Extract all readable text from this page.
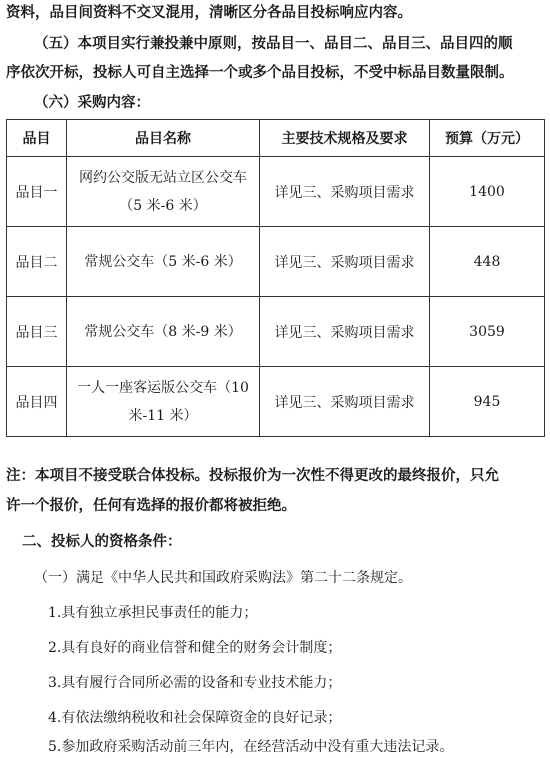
资料，品目间资料不交叉混用，清晰区分各品目投标响应内容。
（五）本项目实行兼投兼中原则，按品目一、品目二、品目三、品目四的顺
序依次开标，投标人可自主选择一个或多个品目投标，不受中标品目数量限制。
（六）采购内容：
品目	品目名称	主要技术规格及要求	预算（万元）
品目一	网约公交版无站立区公交车
（5 米-6 米）	详见三、采购项目需求	1400
品目二	常规公交车（5 米-6 米）	详见三、采购项目需求	448
品目三	常规公交车（8 米-9 米）	详见三、采购项目需求	3059
品目四	一人一座客运版公交车（10
米-11 米）	详见三、采购项目需求	945
注：本项目不接受联合体投标。投标报价为一次性不得更改的最终报价，只允
许一个报价，任何有选择的报价都将被拒绝。
二、投标人的资格条件：
（一）满足《中华人民共和国政府采购法》第二十二条规定。
1.具有独立承担民事责任的能力；
2.具有良好的商业信誉和健全的财务会计制度；
3.具有履行合同所必需的设备和专业技术能力；
4.有依法缴纳税收和社会保障资金的良好记录；
5.参加政府采购活动前三年内，在经营活动中没有重大违法记录。
